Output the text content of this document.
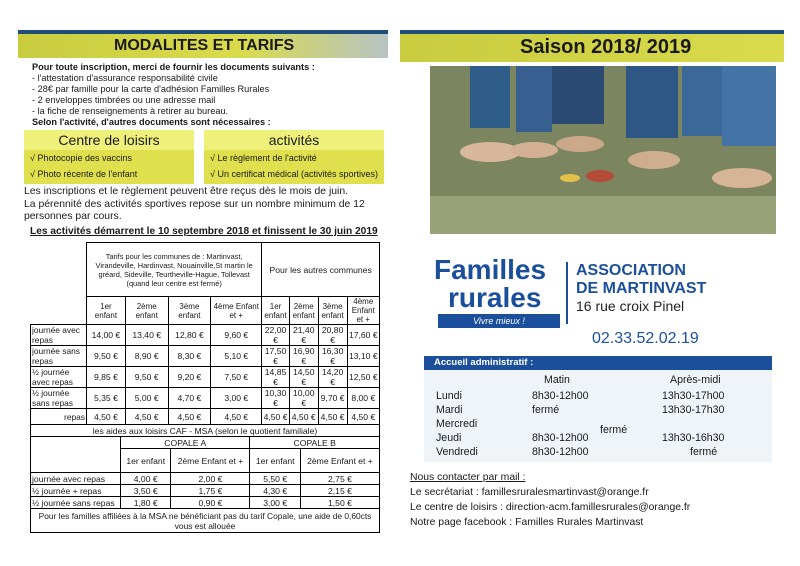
MODALITES ET TARIFS
Pour toute inscription, merci de fournir les documents suivants :
- l'attestation d'assurance responsabilité civile
- 28€ par famille pour la carte d'adhésion Familles Rurales
- 2 enveloppes timbrées ou une adresse mail
- la fiche de renseignements à retirer au bureau.
Selon l'activité, d'autres documents sont nécessaires :
Centre de loisirs
√ Photocopie des vaccins
√ Photo récente de l'enfant
activités
√ Le règlement de l'activité
√ Un certificat médical (activités sportives)
Les inscriptions et le règlement peuvent être reçus dès le mois de juin.
La pérennité des activités sportives repose sur un nombre minimum de 12
personnes par cours.
Les activités démarrent le 10 septembre 2018 et finissent le 30 juin 2019
	Tarifs pour les communes de : Martinvast, Virandeville, Hardinvast, Nouainville,St martin le gréard, Sideville, Teurtheville-Hague, Tollevast (quand leur centre est fermé)				Pour les autres communes			
	1er enfant	2ème enfant	3ème enfant	4ème Enfant et +	1er enfant	2ème enfant	3ème enfant	4ème Enfant et +
journée avec repas	14,00 €	13,40 €	12,80 €	9,60 €	22,00 €	21,40 €	20,80 €	17,60 €
journée sans repas	9,50 €	8,90 €	8,30 €	5,10 €	17,50 €	16,90 €	16,30 €	13,10 €
½ journée avec repas	9,85 €	9,50 €	9,20 €	7,50 €	14,85 €	14,50 €	14,20 €	12,50 €
½ journée sans repas	5,35 €	5,00 €	4,70 €	3,00 €	10,30 €	10,00 €	9,70 €	8,00 €
repas	4,50 €	4,50 €	4,50 €	4,50 €	4,50 €	4,50 €	4,50 €	4,50 €
les aides aux loisirs CAF - MSA (selon le quotient familiale)				
	COPALE A		COPALE B	
	1er enfant	2ème Enfant et +	1er enfant	2ème Enfant et +
journée avec repas	4,00 €	2,00 €	5,50 €	2,75 €
½ journée + repas	3,50 €	1,75 €	4,30 €	2,15 €
½ journée sans repas	1,80 €	0,90 €	3,00 €	1,50 €
Pour les familles affiliées à la MSA ne bénéficiant pas du tarif Copale, une aide de 0,60cts vous est allouée				
Saison 2018/ 2019
Familles
rurales
Vivre mieux !
ASSOCIATION
DE MARTINVAST
16 rue croix Pinel
02.33.52.02.19
Accueil administratif :
Matin	Après-midi
Lundi	8h30-12h00	13h30-17h00
Mardi	fermé	13h30-17h30
Mercredi	fermé
Jeudi	8h30-12h00	13h30-16h30
Vendredi	8h30-12h00	fermé
Nous contacter par mail :
Le secrétariat : famillesruralesmartinvast@orange.fr
Le centre de loisirs : direction-acm.famillesrurales@orange.fr
Notre page facebook : Familles Rurales Martinvast
